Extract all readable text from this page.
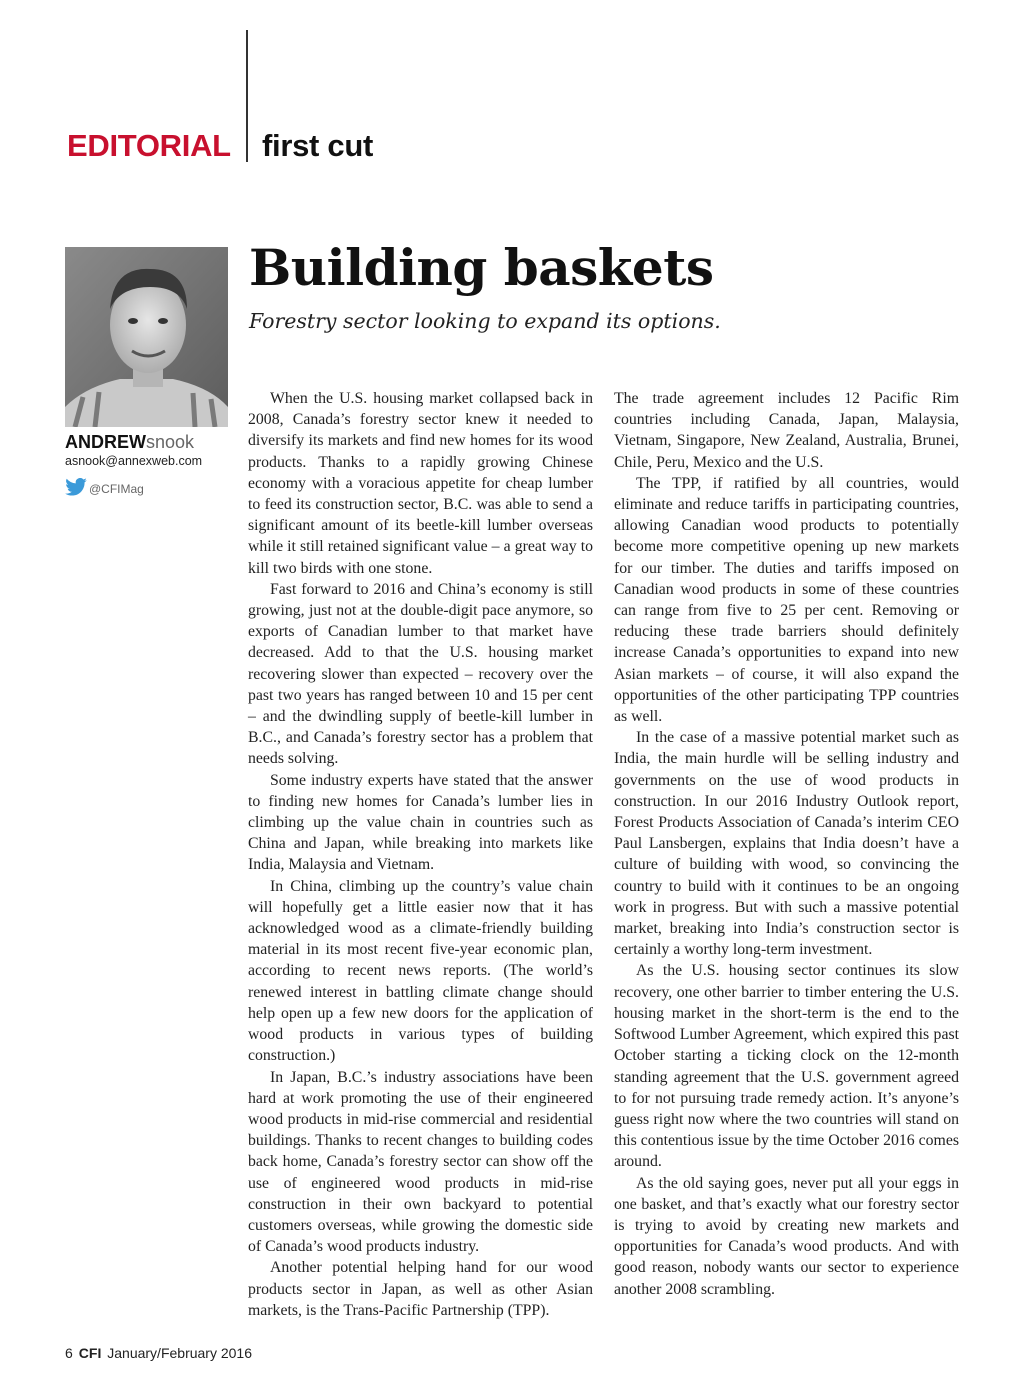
EDITORIAL first cut
ANDREWsnook
asnook@annexweb.com
@CFIMag
Building baskets

Forestry sector looking to expand its options.

When the U.S. housing market collapsed back in 2008, Canada’s forestry sector knew it needed to diversify its markets and find new homes for its wood products. Thanks to a rapidly growing Chinese economy with a voracious appetite for cheap lumber to feed its construction sector, B.C. was able to send a significant amount of its beetle-kill lumber overseas while it still retained significant value – a great way to kill two birds with one stone.

Fast forward to 2016 and China’s economy is still growing, just not at the double-digit pace anymore, so exports of Canadian lumber to that market have decreased. Add to that the U.S. housing market recovering slower than expected – recovery over the past two years has ranged between 10 and 15 per cent – and the dwindling supply of beetle-kill lumber in B.C., and Canada’s forestry sector has a problem that needs solving.

Some industry experts have stated that the answer to finding new homes for Canada’s lumber lies in climbing up the value chain in countries such as China and Japan, while breaking into markets like India, Malaysia and Vietnam.

In China, climbing up the country’s value chain will hopefully get a little easier now that it has acknowledged wood as a climate-friendly building material in its most recent five-year economic plan, according to recent news reports. (The world’s renewed interest in battling climate change should help open up a few new doors for the application of wood products in various types of building construction.)

In Japan, B.C.’s industry associations have been hard at work promoting the use of their engineered wood products in mid-rise commercial and residential buildings. Thanks to recent changes to building codes back home, Canada’s forestry sector can show off the use of engineered wood products in mid-rise construction in their own backyard to potential customers overseas, while growing the domestic side of Canada’s wood products industry.

Another potential helping hand for our wood products sector in Japan, as well as other Asian markets, is the Trans-Pacific Partnership (TPP).

The trade agreement includes 12 Pacific Rim countries including Canada, Japan, Malaysia, Vietnam, Singapore, New Zealand, Australia, Brunei, Chile, Peru, Mexico and the U.S.

The TPP, if ratified by all countries, would eliminate and reduce tariffs in participating countries, allowing Canadian wood products to potentially become more competitive opening up new markets for our timber. The duties and tariffs imposed on Canadian wood products in some of these countries can range from five to 25 per cent. Removing or reducing these trade barriers should definitely increase Canada’s opportunities to expand into new Asian markets – of course, it will also expand the opportunities of the other participating TPP countries as well.

In the case of a massive potential market such as India, the main hurdle will be selling industry and governments on the use of wood products in construction. In our 2016 Industry Outlook report, Forest Products Association of Canada’s interim CEO Paul Lansbergen, explains that India doesn’t have a culture of building with wood, so convincing the country to build with it continues to be an ongoing work in progress. But with such a massive potential market, breaking into India’s construction sector is certainly a worthy long-term investment.

As the U.S. housing sector continues its slow recovery, one other barrier to timber entering the U.S. housing market in the short-term is the end to the Softwood Lumber Agreement, which expired this past October starting a ticking clock on the 12-month standing agreement that the U.S. government agreed to for not pursuing trade remedy action. It’s anyone’s guess right now where the two countries will stand on this contentious issue by the time October 2016 comes around.

As the old saying goes, never put all your eggs in one basket, and that’s exactly what our forestry sector is trying to avoid by creating new markets and opportunities for Canada’s wood products. And with good reason, nobody wants our sector to experience another 2008 scrambling.

6 CFI January/February 2016
